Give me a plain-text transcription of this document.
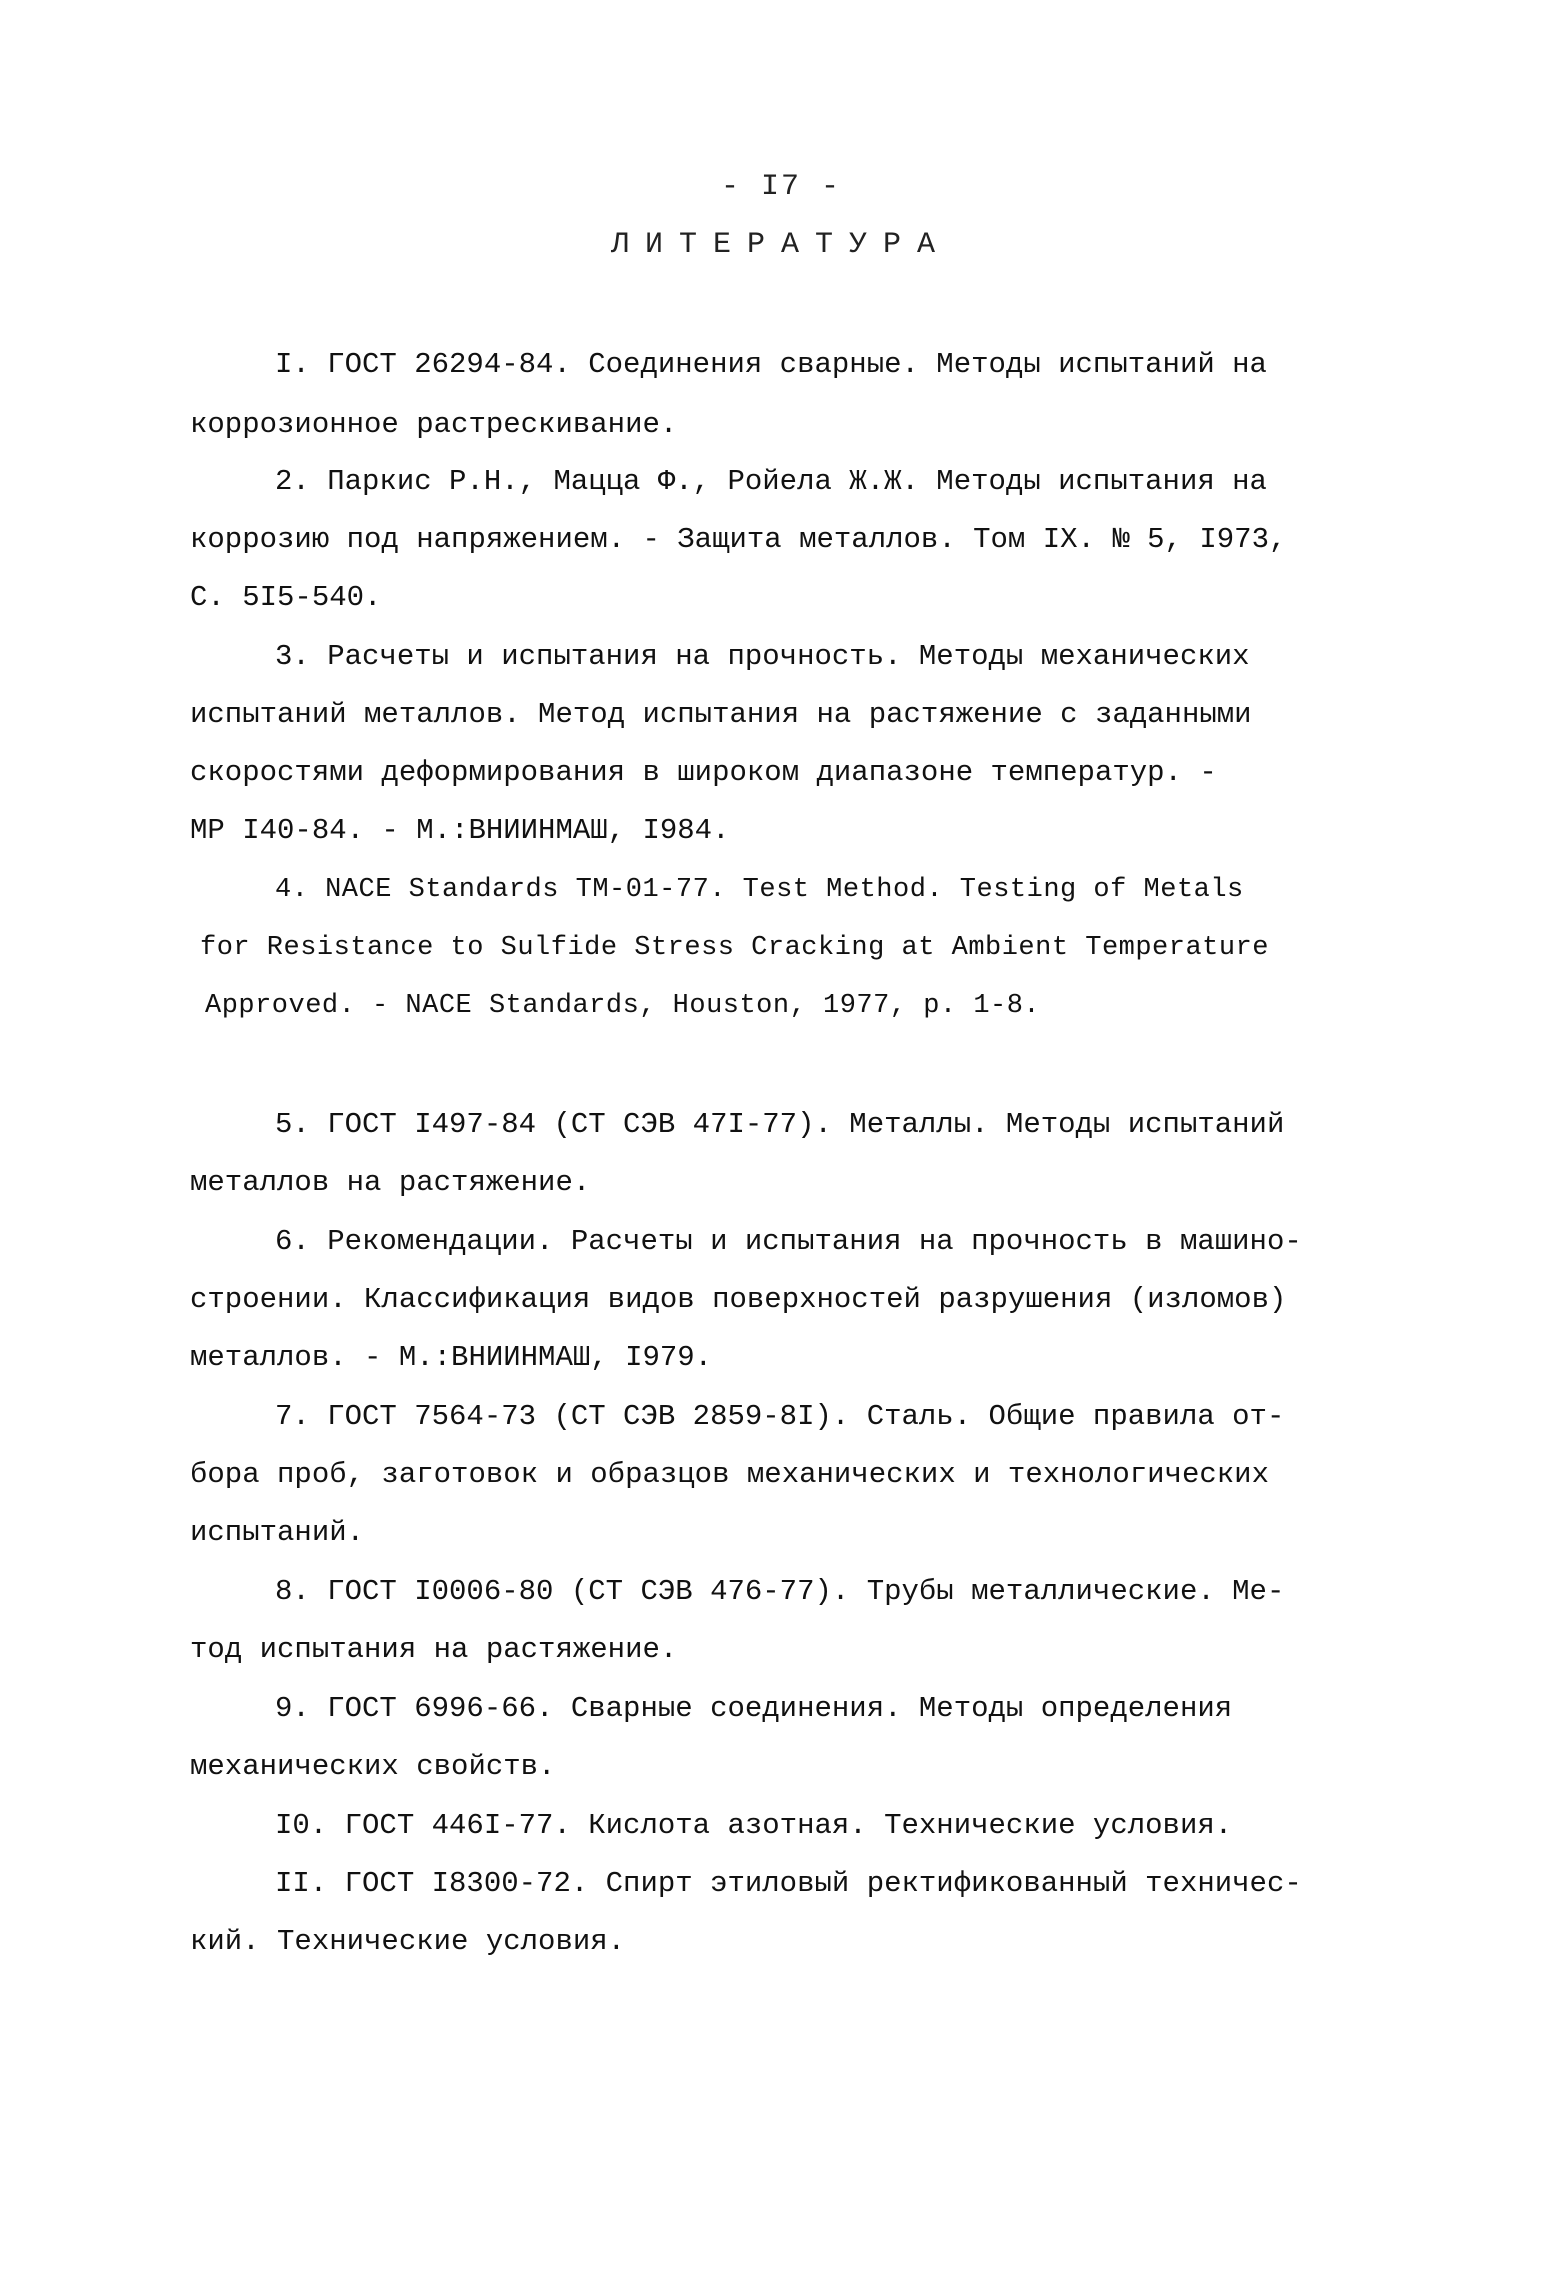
- I7 -
ЛИТЕРАТУРА
I. ГОСТ 26294-84. Соединения сварные. Методы испытаний на
коррозионное растрескивание.
2. Паркис Р.Н., Мацца Ф., Ройела Ж.Ж. Методы испытания на
коррозию под напряжением. - Защита металлов. Том IX. № 5, I973,
С. 5I5-540.
3. Расчеты и испытания на прочность. Методы механических
испытаний металлов. Метод испытания на растяжение с заданными
скоростями деформирования в широком диапазоне температур. -
МР I40-84. - М.:ВНИИНМАШ, I984.
4. NACE Standards TM-01-77. Test Method. Testing of Metals
for Resistance to Sulfide Stress Cracking at Ambient Temperature
Approved. - NACE Standards, Houston, 1977, p. 1-8.
5. ГОСТ I497-84 (СТ СЭВ 47I-77). Металлы. Методы испытаний
металлов на растяжение.
6. Рекомендации. Расчеты и испытания на прочность в машино-
строении. Классификация видов поверхностей разрушения (изломов)
металлов. - М.:ВНИИНМАШ, I979.
7. ГОСТ 7564-73 (СТ СЭВ 2859-8I). Сталь. Общие правила от-
бора проб, заготовок и образцов механических и технологических
испытаний.
8. ГОСТ I0006-80 (СТ СЭВ 476-77). Трубы металлические. Ме-
тод испытания на растяжение.
9. ГОСТ 6996-66. Сварные соединения. Методы определения
механических свойств.
I0. ГОСТ 446I-77. Кислота азотная. Технические условия.
II. ГОСТ I8300-72. Спирт этиловый ректификованный техничес-
кий. Технические условия.
